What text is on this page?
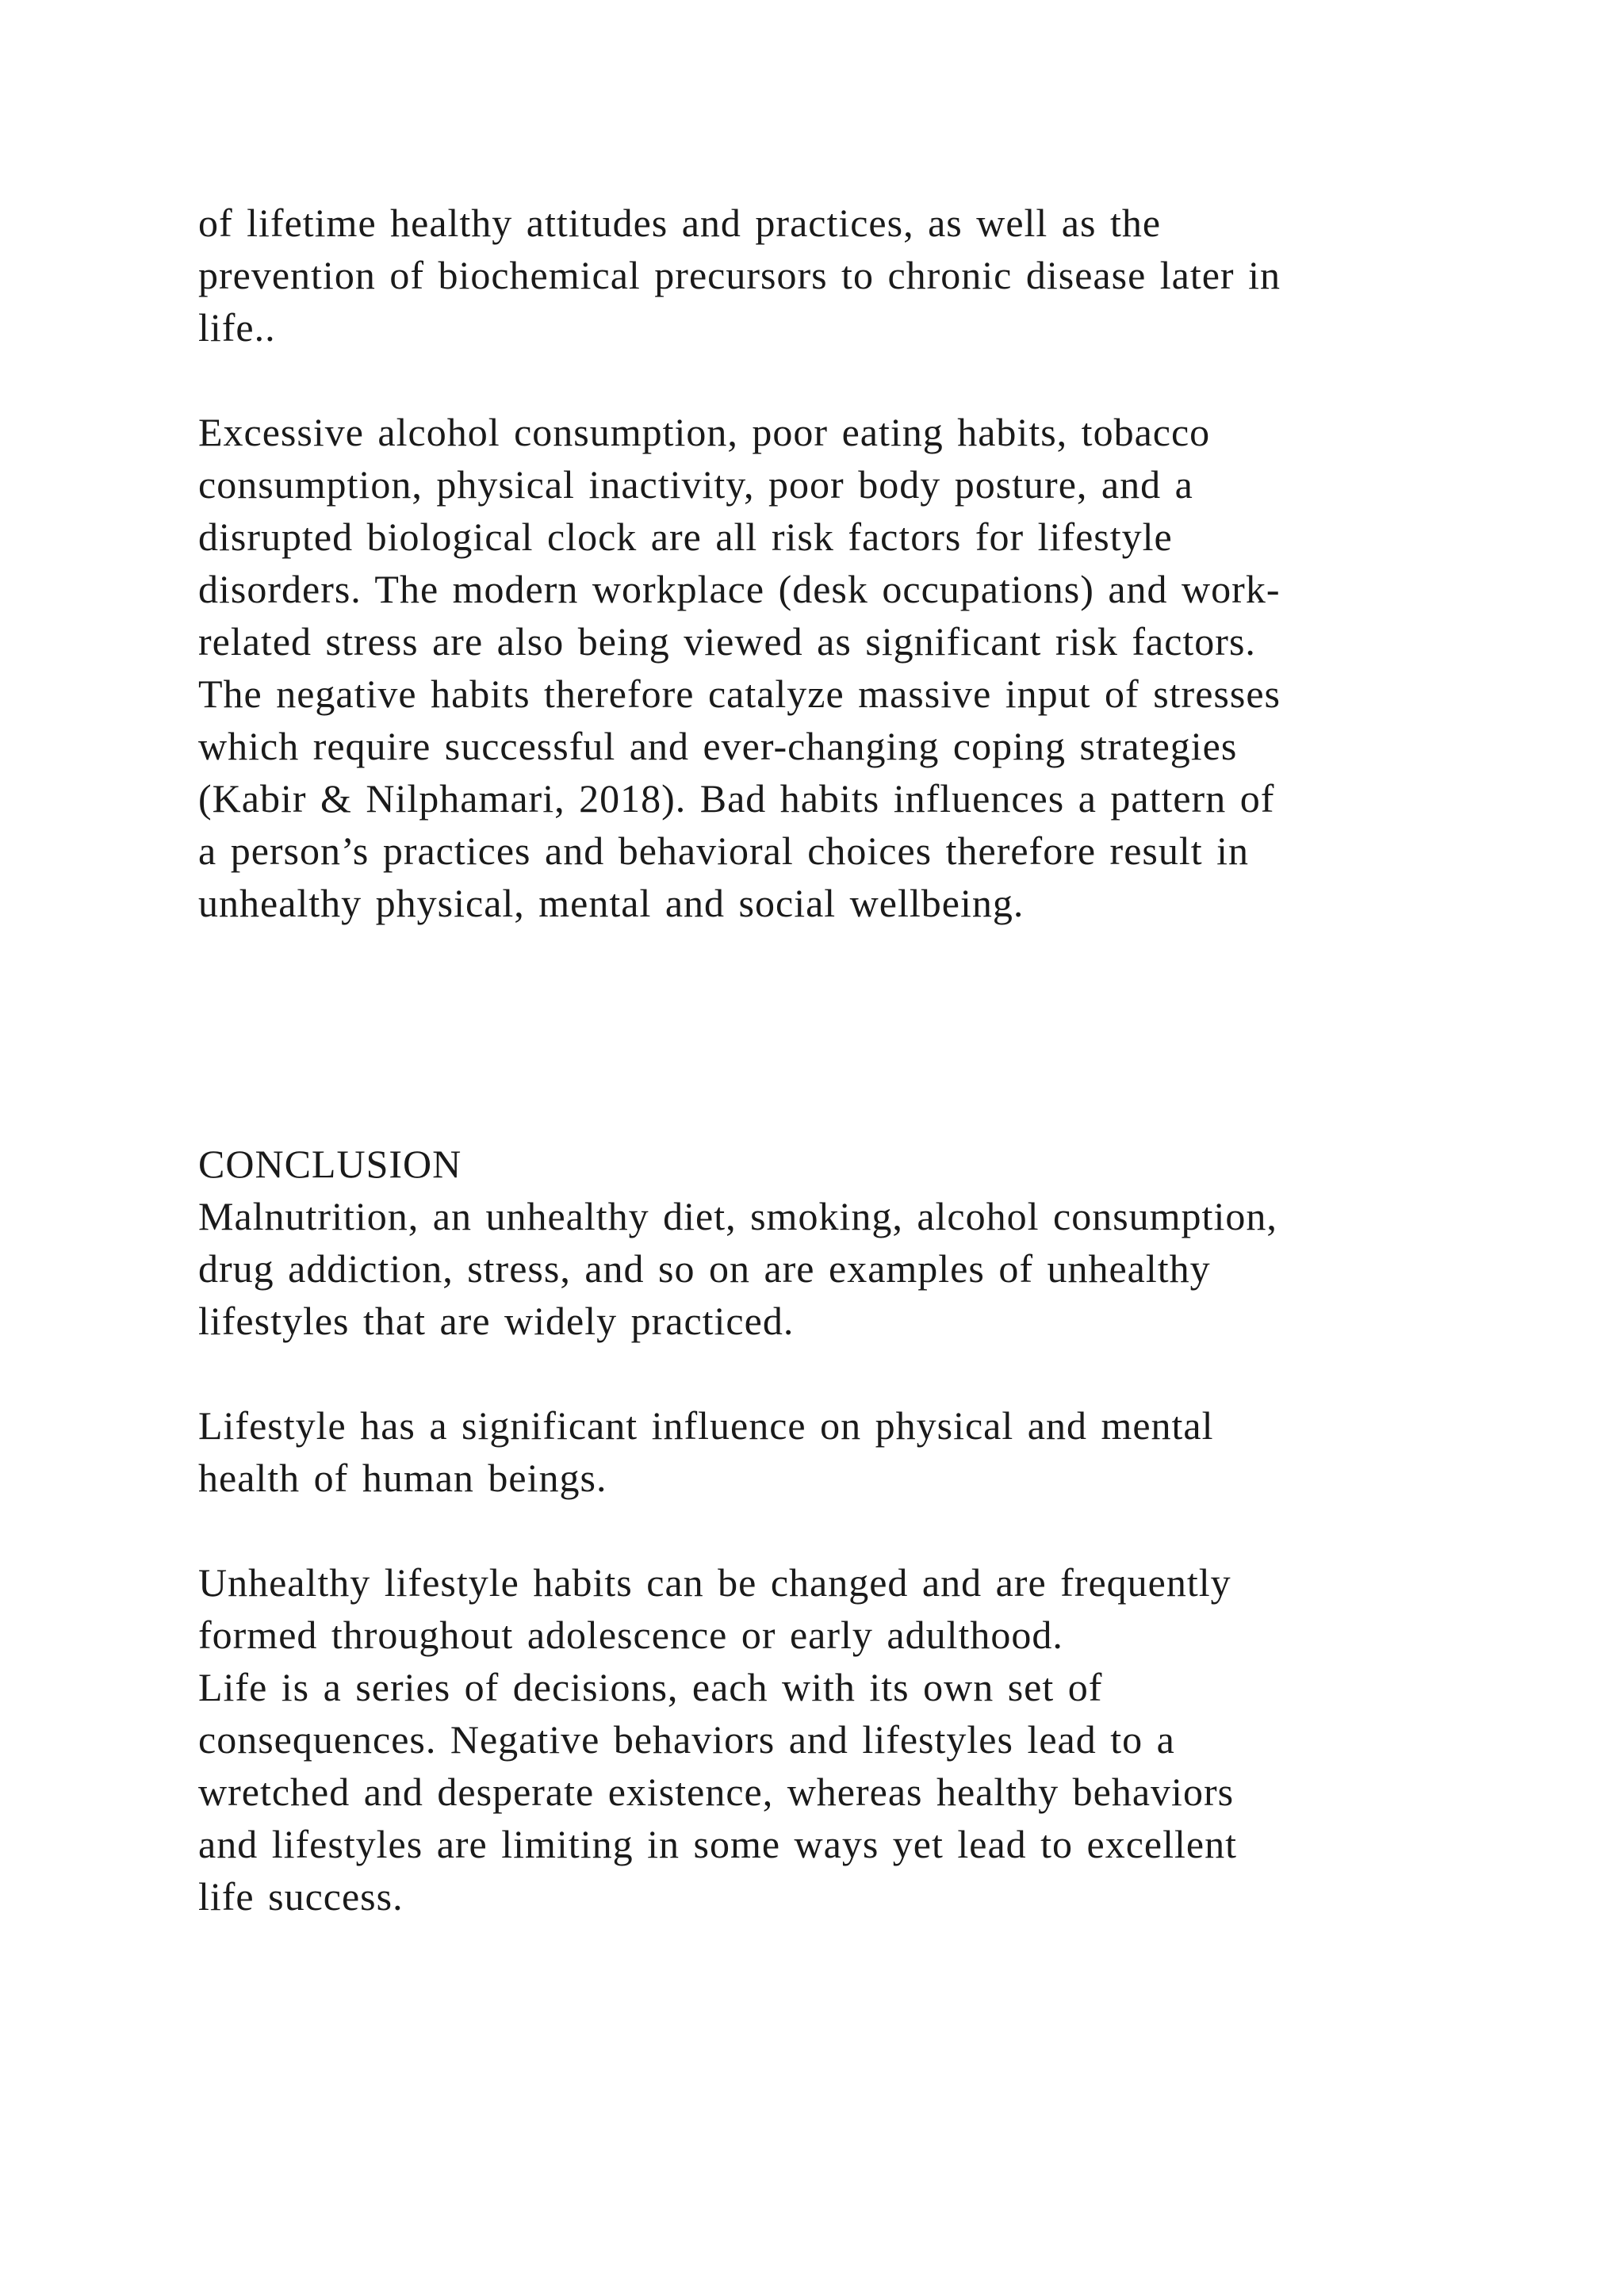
of lifetime healthy attitudes and practices, as well as the
prevention of biochemical precursors to chronic disease later in
life..
Excessive alcohol consumption, poor eating habits, tobacco
consumption, physical inactivity, poor body posture, and a
disrupted biological clock are all risk factors for lifestyle
disorders. The modern workplace (desk occupations) and work-
related stress are also being viewed as significant risk factors.
The negative habits therefore catalyze massive input of stresses
which require successful and ever-changing coping strategies
(Kabir & Nilphamari, 2018). Bad habits influences a pattern of
a person’s practices and behavioral choices therefore result in
unhealthy physical, mental and social wellbeing.
CONCLUSION
Malnutrition, an unhealthy diet, smoking, alcohol consumption,
drug addiction, stress, and so on are examples of unhealthy
lifestyles that are widely practiced.
Lifestyle has a significant influence on physical and mental
health of human beings.
Unhealthy lifestyle habits can be changed and are frequently
formed throughout adolescence or early adulthood.
Life is a series of decisions, each with its own set of
consequences. Negative behaviors and lifestyles lead to a
wretched and desperate existence, whereas healthy behaviors
and lifestyles are limiting in some ways yet lead to excellent
life success.
